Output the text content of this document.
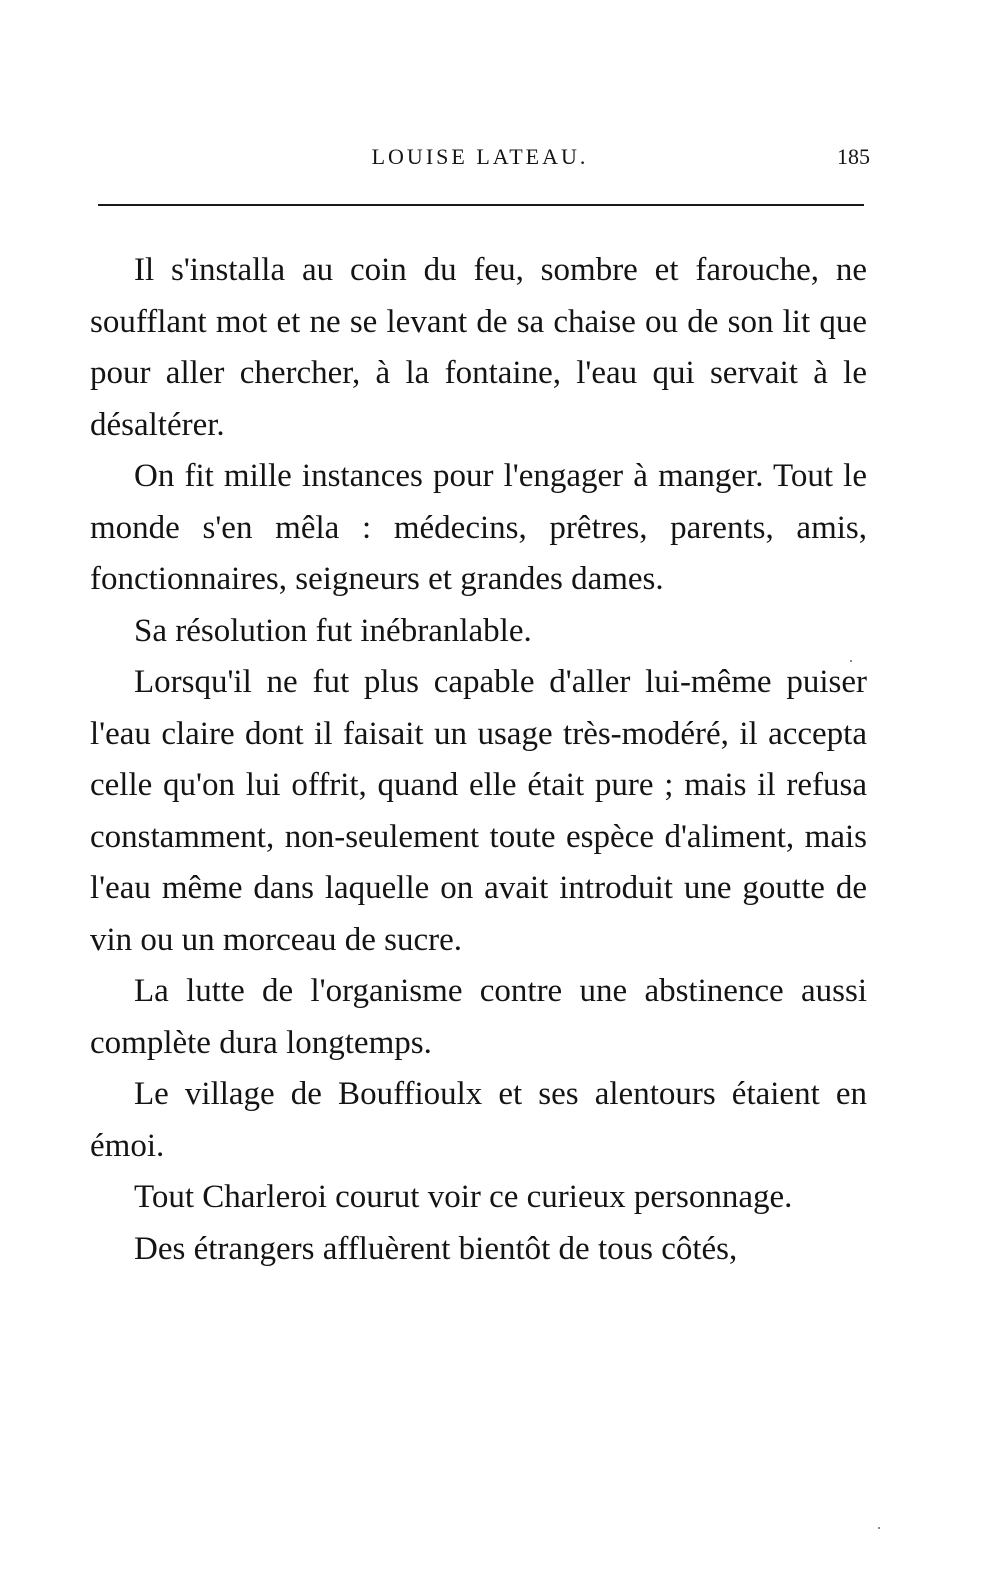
LOUISE LATEAU.	185

Il s'installa au coin du feu, sombre et farouche, ne soufflant mot et ne se levant de sa chaise ou de son lit que pour aller chercher, à la fontaine, l'eau qui servait à le désaltérer.

On fit mille instances pour l'engager à manger. Tout le monde s'en mêla : médecins, prêtres, parents, amis, fonctionnaires, seigneurs et grandes dames.

Sa résolution fut inébranlable.

Lorsqu'il ne fut plus capable d'aller lui-même puiser l'eau claire dont il faisait un usage très-modéré, il accepta celle qu'on lui offrit, quand elle était pure ; mais il refusa constamment, non-seulement toute espèce d'aliment, mais l'eau même dans laquelle on avait introduit une goutte de vin ou un morceau de sucre.

La lutte de l'organisme contre une abstinence aussi complète dura longtemps.

Le village de Bouffioulx et ses alentours étaient en émoi.

Tout Charleroi courut voir ce curieux personnage.

Des étrangers affluèrent bientôt de tous côtés,
